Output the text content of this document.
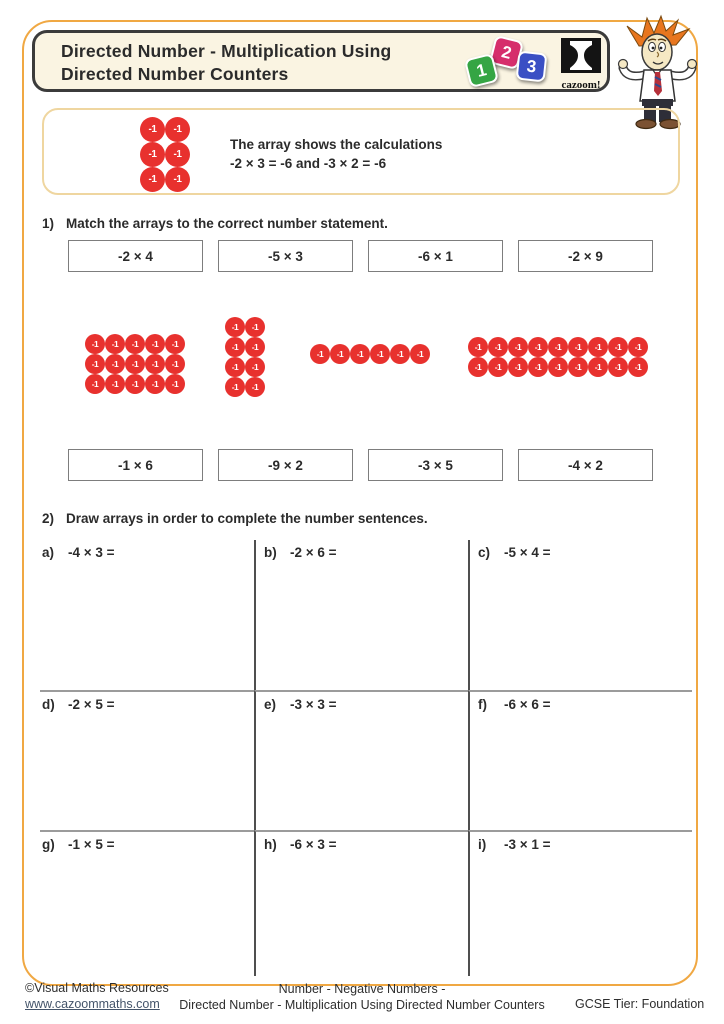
Directed Number - Multiplication Using
Directed Number Counters	1
2
3
cazoom!
-1	-1
-1	-1
-1	-1
The array shows the calculations
-2 × 3 = -6 and -3 × 2 = -6
1) Match the arrays to the correct number statement.
-2 × 4	-5 × 3	-6 × 1	-2 × 9
-1	-1	-1	-1	-1
-1	-1	-1	-1	-1
-1	-1	-1	-1	-1
-1	-1
-1	-1
-1	-1
-1	-1
-1	-1	-1	-1	-1	-1
-1	-1	-1	-1	-1	-1	-1	-1	-1
-1	-1	-1	-1	-1	-1	-1	-1	-1
-1 × 6	-9 × 2	-3 × 5	-4 × 2
2) Draw arrays in order to complete the number sentences.
a)	-4 × 3 =	b) -2 × 6 =	c)	-5 × 4 =
d) -2 × 5 =	e)	-3 × 3 =	f)	-6 × 6 =
g) -1 × 5 =	h) -6 × 3 =	i)	-3 × 1 =
©Visual Maths Resources
www.cazoommaths.com
Number - Negative Numbers -
Directed Number - Multiplication Using Directed Number Counters	GCSE Tier: Foundation
